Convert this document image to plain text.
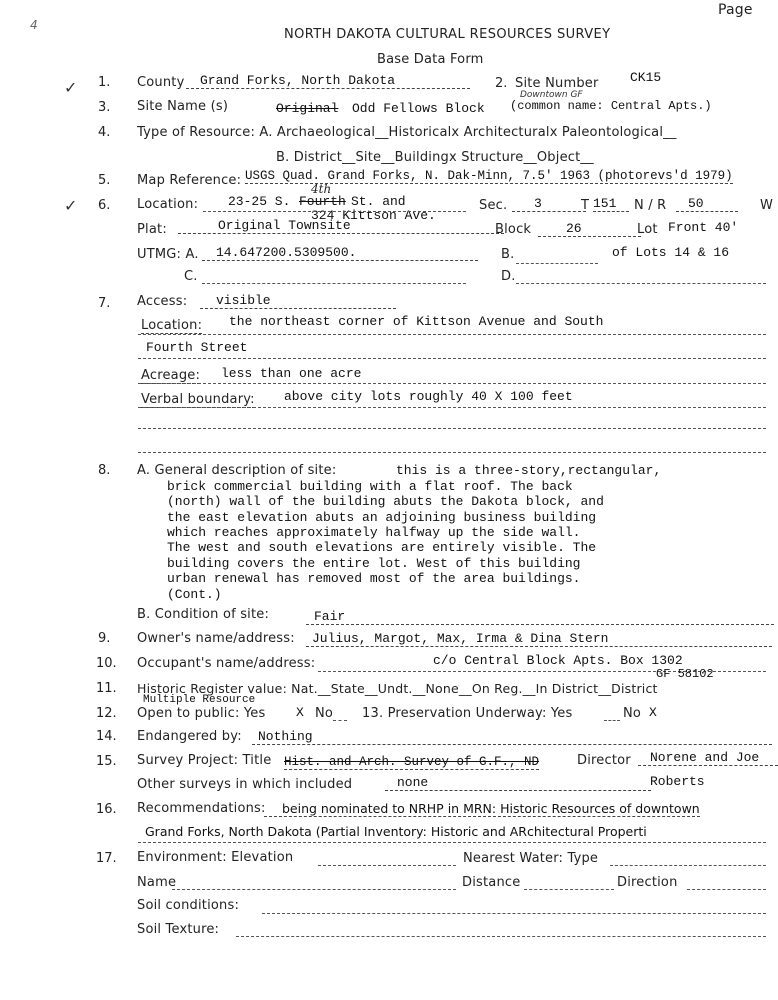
Page
4
NORTH DAKOTA CULTURAL RESOURCES SURVEY
Base Data Form
✓
✓
1. County	Grand Forks, North Dakota	2. Site Number CK15
Downtown GF
3. Site Name (s)	Original Odd Fellows Block (common name: Central Apts.)
4. Type of Resource: A. Archaeological__Historicalx Architecturalx Paleontological__
B. District__Site__Buildingx Structure__Object__
5. Map Reference: USGS Quad. Grand Forks, N. Dak-Minn, 7.5' 1963 (photorevs'd 1979)
6. Location: 23-25 S. Fourth St. and
4th
324 Kittson Ave.
Sec.	3	T 151	N / R	50	W
Plat:	Original Townsite	Block	26	Lot Front 40'
UTMG: A.	14.647200.5309500.	B.	of Lots 14 & 16
C.	D.
7. Access:	visible
Location: the northeast corner of Kittson Avenue and South
Fourth Street
Acreage: less than one acre
Verbal boundary: above city lots roughly 40 X 100 feet
8. A. General description of site:	this is a three-story,rectangular,
brick commercial building with a flat roof. The back
(north) wall of the building abuts the Dakota block, and
the east elevation abuts an adjoining business building
which reaches approximately halfway up the side wall.
The west and south elevations are entirely visible. The
building covers the entire lot. West of this building
urban renewal has removed most of the area buildings.
(Cont.)
B. Condition of site:	Fair
9. Owner's name/address:	Julius, Margot, Max, Irma & Dina Stern
10. Occupant's name/address:	c/o Central Block Apts. Box 1302
GF 58102
11. Historic Register value: Nat.__State__Undt.__None__On Reg.__In District__District
Multiple Resource
12. Open to public: Yes X No 13. Preservation Underway: Yes	No X
14. Endangered by:	Nothing
15. Survey Project: Title Hist. and Arch. Survey of G.F., ND	Director	Norene and Joe
Other surveys in which included	none	Roberts
16. Recommendations:	being nominated to NRHP in MRN: Historic Resources of downtown
Grand Forks, North Dakota (Partial Inventory: Historic and ARchitectural Properti
17. Environment: Elevation	Nearest Water: Type
Name	Distance	Direction
Soil conditions:
Soil Texture:
